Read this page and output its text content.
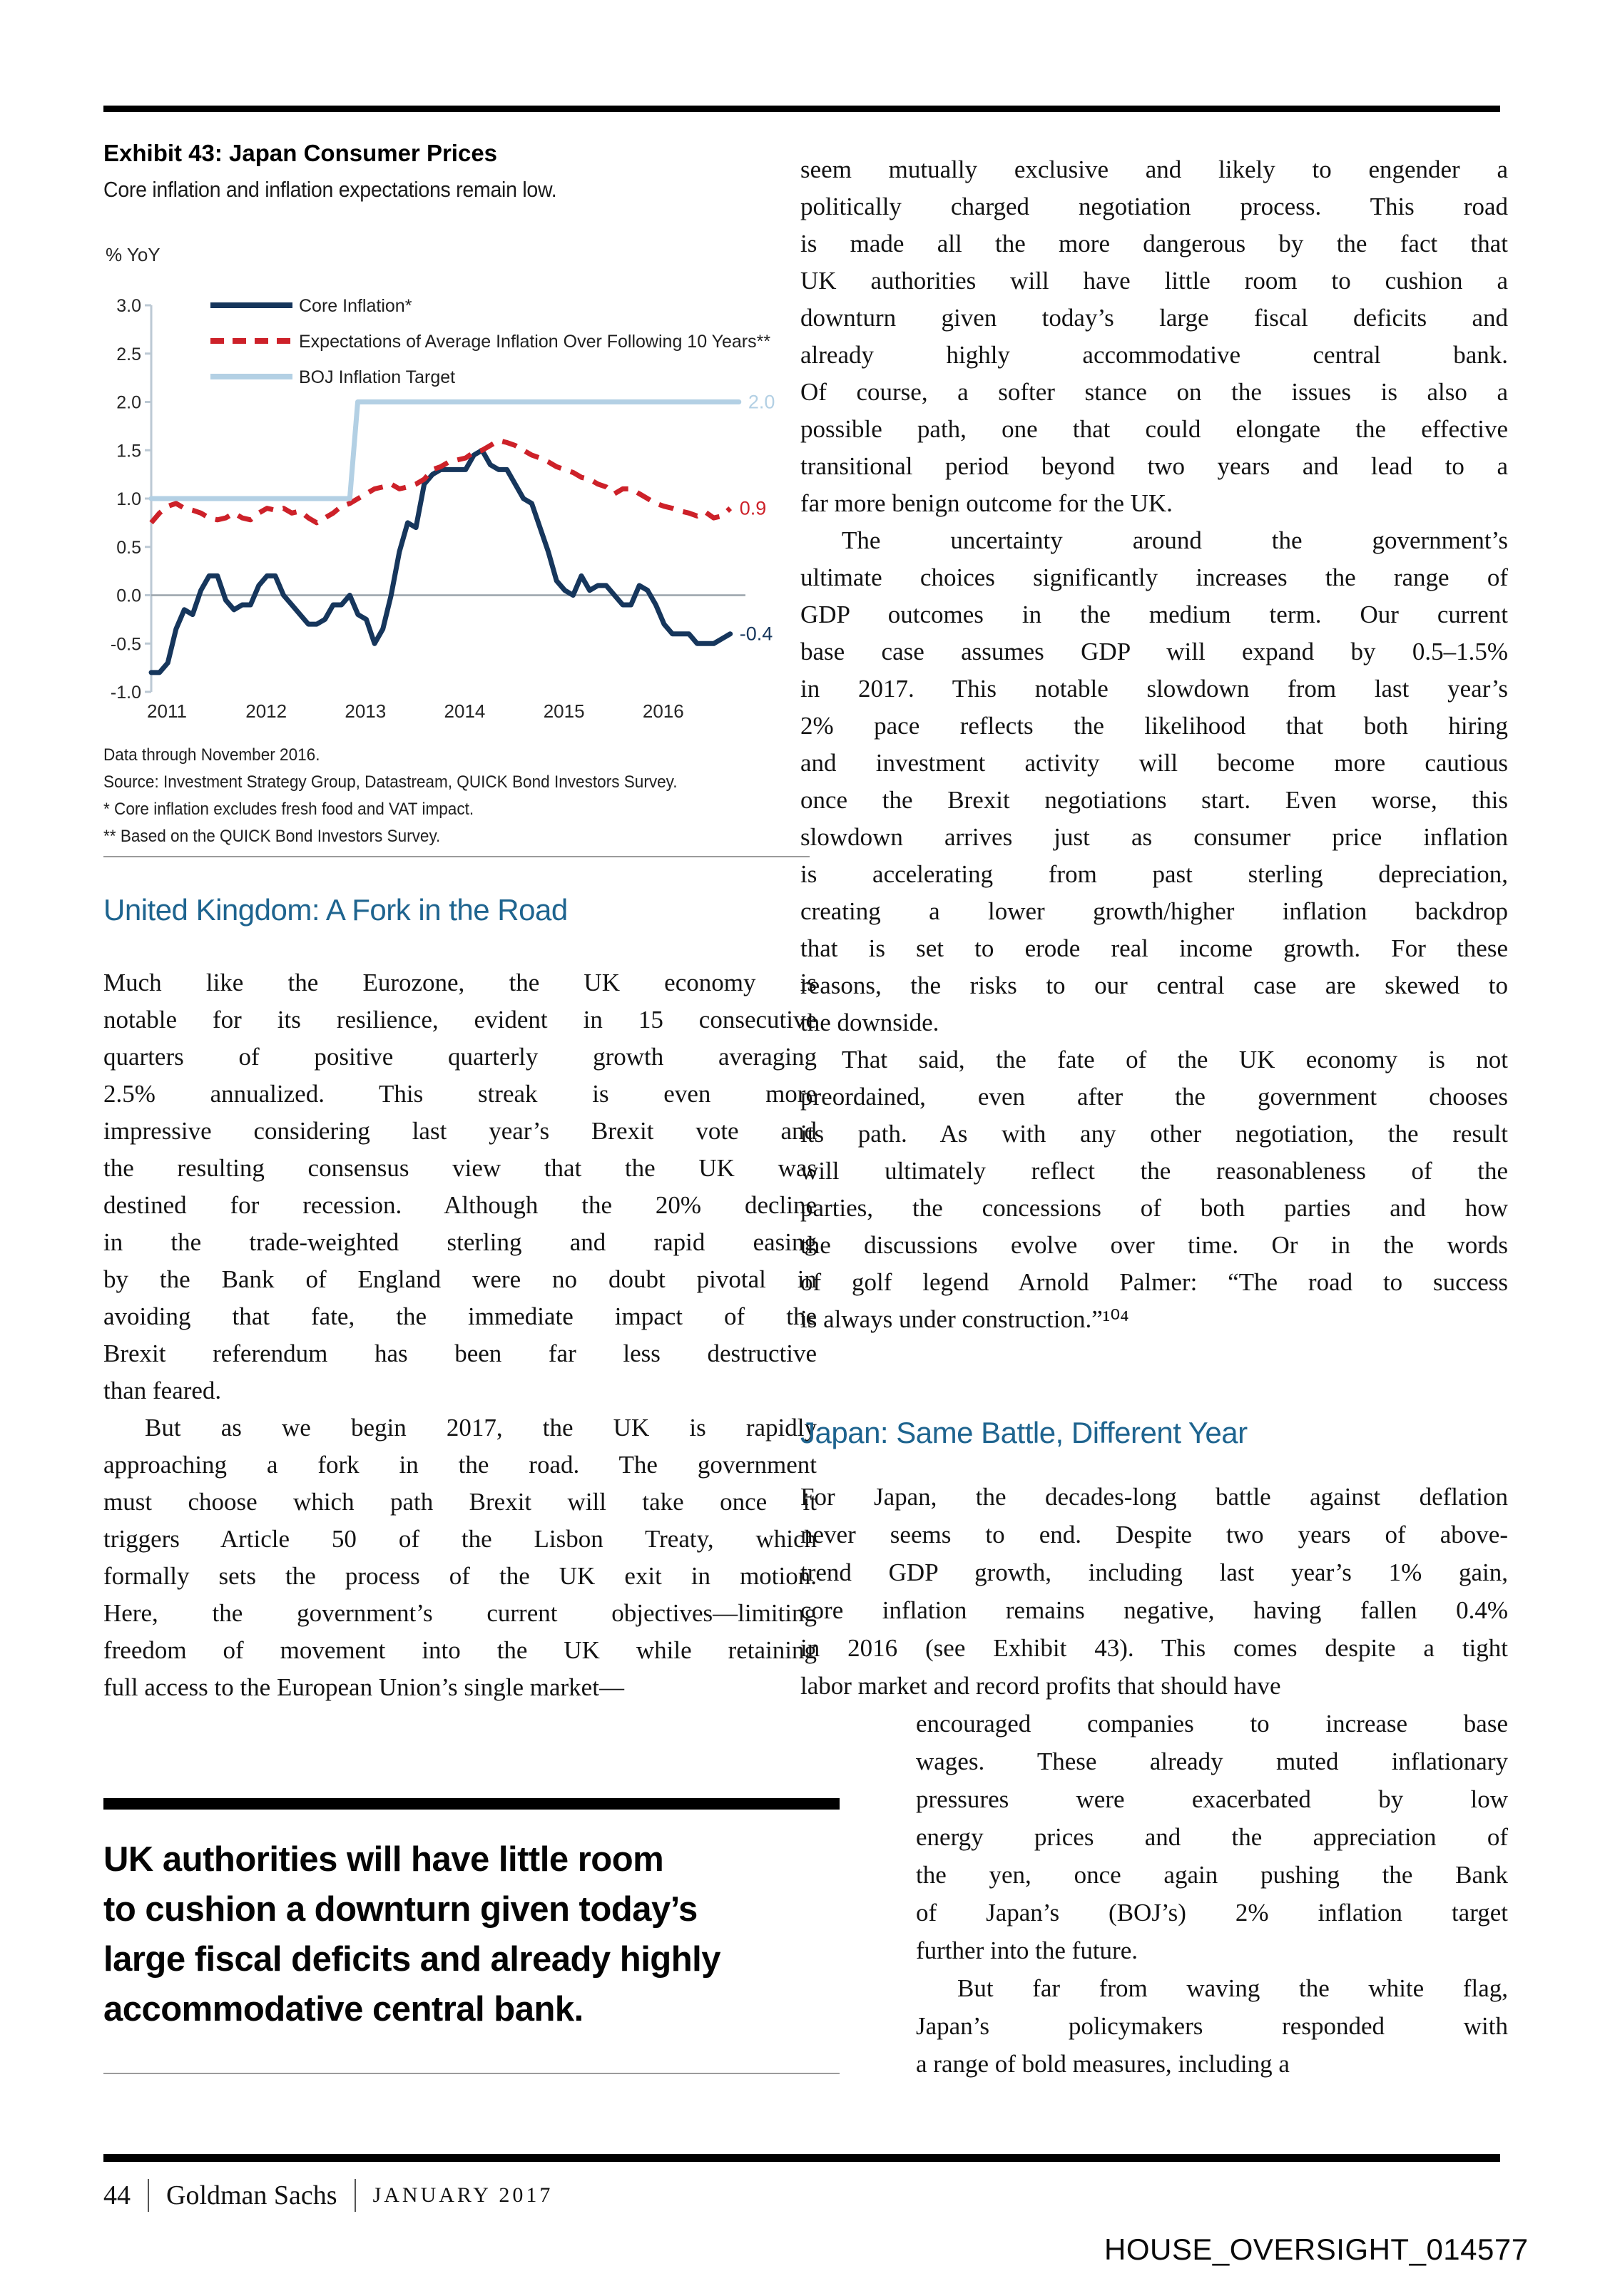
Exhibit 43: Japan Consumer Prices
Core inflation and inflation expectations remain low.
% YoY
3.0
2.5
2.0
1.5
1.0
0.5
0.0
-0.5
-1.0
2011	2012	2013	2014	2015	2016
-0.4
0.9
2.0
Core Inflation*
Expectations of Average Inflation Over Following 10 Years**
BOJ Inflation Target
Data through November 2016.
Source: Investment Strategy Group, Datastream, QUICK Bond Investors Survey.
* Core inflation excludes fresh food and VAT impact.
** Based on the QUICK Bond Investors Survey.
United Kingdom: A Fork in the Road
Much like the Eurozone, the UK economy is
notable for its resilience, evident in 15 consecutive
quarters of positive quarterly growth averaging
2.5% annualized. This streak is even more
impressive considering last year’s Brexit vote and
the resulting consensus view that the UK was
destined for recession. Although the 20% decline
in the trade-weighted sterling and rapid easing
by the Bank of England were no doubt pivotal in
avoiding that fate, the immediate impact of the
Brexit referendum has been far less destructive
than feared.
But as we begin 2017, the UK is rapidly
approaching a fork in the road. The government
must choose which path Brexit will take once it
triggers Article 50 of the Lisbon Treaty, which
formally sets the process of the UK exit in motion.
Here, the government’s current objectives—limiting
freedom of movement into the UK while retaining
full access to the European Union’s single market—
UK authorities will have little room
to cushion a downturn given today’s
large fiscal deficits and already highly
accommodative central bank.
seem mutually exclusive and likely to engender a
politically charged negotiation process. This road
is made all the more dangerous by the fact that
UK authorities will have little room to cushion a
downturn given today’s large fiscal deficits and
already highly accommodative central bank.
Of course, a softer stance on the issues is also a
possible path, one that could elongate the effective
transitional period beyond two years and lead to a
far more benign outcome for the UK.
The uncertainty around the government’s
ultimate choices significantly increases the range of
GDP outcomes in the medium term. Our current
base case assumes GDP will expand by 0.5–1.5%
in 2017. This notable slowdown from last year’s
2% pace reflects the likelihood that both hiring
and investment activity will become more cautious
once the Brexit negotiations start. Even worse, this
slowdown arrives just as consumer price inflation
is accelerating from past sterling depreciation,
creating a lower growth/higher inflation backdrop
that is set to erode real income growth. For these
reasons, the risks to our central case are skewed to
the downside.
That said, the fate of the UK economy is not
preordained, even after the government chooses
its path. As with any other negotiation, the result
will ultimately reflect the reasonableness of the
parties, the concessions of both parties and how
the discussions evolve over time. Or in the words
of golf legend Arnold Palmer: “The road to success
is always under construction.”¹⁰⁴
Japan: Same Battle, Different Year
For Japan, the decades-long battle against deflation
never seems to end. Despite two years of above-
trend GDP growth, including last year’s 1% gain,
core inflation remains negative, having fallen 0.4%
in 2016 (see Exhibit 43). This comes despite a tight
labor market and record profits that should have
encouraged companies to increase base
wages. These already muted inflationary
pressures were exacerbated by low
energy prices and the appreciation of
the yen, once again pushing the Bank
of Japan’s (BOJ’s) 2% inflation target
further into the future.
But far from waving the white flag,
Japan’s policymakers responded with
a range of bold measures, including a
44 Goldman Sachs JANUARY 2017
HOUSE_OVERSIGHT_014577
